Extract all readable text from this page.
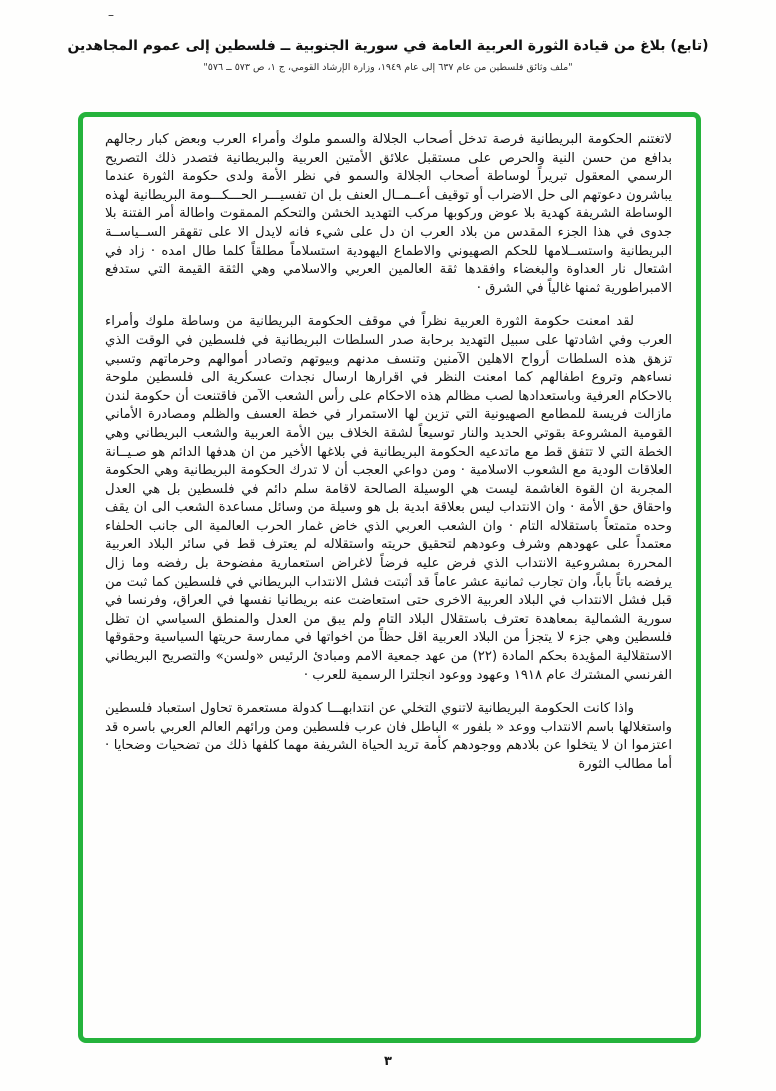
–
(تابع) بلاغ من قيادة الثورة العربية العامة في سورية الجنوبية ــ فلسطين إلى عموم المجاهدين
"ملف وثائق فلسطين من عام ٦٣٧ إلى عام ١٩٤٩، وزارة الإرشاد القومي، ج ١، ص ٥٧٣ ــ ٥٧٦"

لاتغتنم الحكومة البريطانية فرصة تدخل أصحاب الجلالة والسمو ملوك وأمراء العرب وبعض كبار رجالهم بدافع من حسن النية والحرص على مستقبل علائق الأمتين العربية والبريطانية فتصدر ذلك التصريح الرسمي المعقول تبريراً لوساطة أصحاب الجلالة والسمو في نظر الأمة ولدى حكومة الثورة عندما يباشرون دعوتهم الى حل الاضراب أو توقيف أعــمــال العنف بل ان تفسيـــر الحـــكـــومة البريطانية لهذه الوساطة الشريفة كهدية بلا عوض وركوبها مركب التهديد الخشن والتحكم الممقوت واطالة أمر الفتنة بلا جدوى في هذا الجزء المقدس من بلاد العرب ان دل على شيء فانه لايدل الا على تقهقر الســياســة البريطانية واستســلامها للحكم الصهيوني والاطماع اليهودية استسلاماً مطلقاً كلما طال امده · زاد في اشتعال نار العداوة والبغضاء وافقدها ثقة العالمين العربي والاسلامي وهي الثقة القيمة التي ستدفع الامبراطورية ثمنها غالياً في الشرق ·

لقد امعنت حكومة الثورة العربية نظراً في موقف الحكومة البريطانية من وساطة ملوك وأمراء العرب وفي اشادتها على سبيل التهديد برحابة صدر السلطات البريطانية في فلسطين في الوقت الذي تزهق هذه السلطات أرواح الاهلين الآمنين وتنسف مدنهم وبيوتهم وتصادر أموالهم وحرماتهم وتسبي نساءهم وتروع اطفالهم كما امعنت النظر في اقرارها ارسال نجدات عسكرية الى فلسطين ملوحة بالاحكام العرفية وباستعدادها لصب مظالم هذه الاحكام على رأس الشعب الآمن فاقتنعت أن حكومة لندن مازالت فريسة للمطامع الصهيونية التي تزين لها الاستمرار في خطة العسف والظلم ومصادرة الأماني القومية المشروعة بقوتي الحديد والنار توسيعاً لشقة الخلاف بين الأمة العربية والشعب البريطاني وهي الخطة التي لا تتفق قط مع ماتدعيه الحكومة البريطانية في بلاغها الأخير من ان هدفها الدائم هو صـيــانة العلاقات الودية مع الشعوب الاسلامية · ومن دواعي العجب أن لا تدرك الحكومة البريطانية وهي الحكومة المجربة ان القوة الغاشمة ليست هي الوسيلة الصالحة لاقامة سلم دائم في فلسطين بل هي العدل واحقاق حق الأمة · وان الانتداب ليس بعلاقة ابدية بل هو وسيلة من وسائل مساعدة الشعب الى ان يقف وحده متمتعاً باستقلاله التام · وان الشعب العربي الذي خاض غمار الحرب العالمية الى جانب الحلفاء معتمداً على عهودهم وشرف وعودهم لتحقيق حريته واستقلاله لم يعترف قط في سائر البلاد العربية المحررة بمشروعية الانتداب الذي فرض عليه فرضاً لاغراض استعمارية مفضوحة بل رفضه وما زال يرفضه باتاً باباً، وان تجارب ثمانية عشر عاماً قد أثبتت فشل الانتداب البريطاني في فلسطين كما ثبت من قبل فشل الانتداب في البلاد العربية الاخرى حتى استعاضت عنه بريطانيا نفسها في العراق، وفرنسا في سورية الشمالية بمعاهدة تعترف باستقلال البلاد التام ولم يبق من العدل والمنطق السياسي ان تظل فلسطين وهي جزء لا يتجزأ من البلاد العربية اقل حظاً من اخواتها في ممارسة حريتها السياسية وحقوقها الاستقلالية المؤيدة بحكم المادة (٢٢) من عهد جمعية الامم ومبادئ الرئيس «ولسن» والتصريح البريطاني الفرنسي المشترك عام ١٩١٨ وعهود ووعود انجلترا الرسمية للعرب ·

واذا كانت الحكومة البريطانية لاتنوي التخلي عن انتدابهـــا كدولة مستعمرة تحاول استعباد فلسطين واستغلالها باسم الانتداب ووعد « بلفور » الباطل فان عرب فلسطين ومن ورائهم العالم العربي باسره قد اعتزموا ان لا يتخلوا عن بلادهم ووجودهم كأمة تريد الحياة الشريفة مهما كلفها ذلك من تضحيات وضحايا · أما مطالب الثورة

٣
